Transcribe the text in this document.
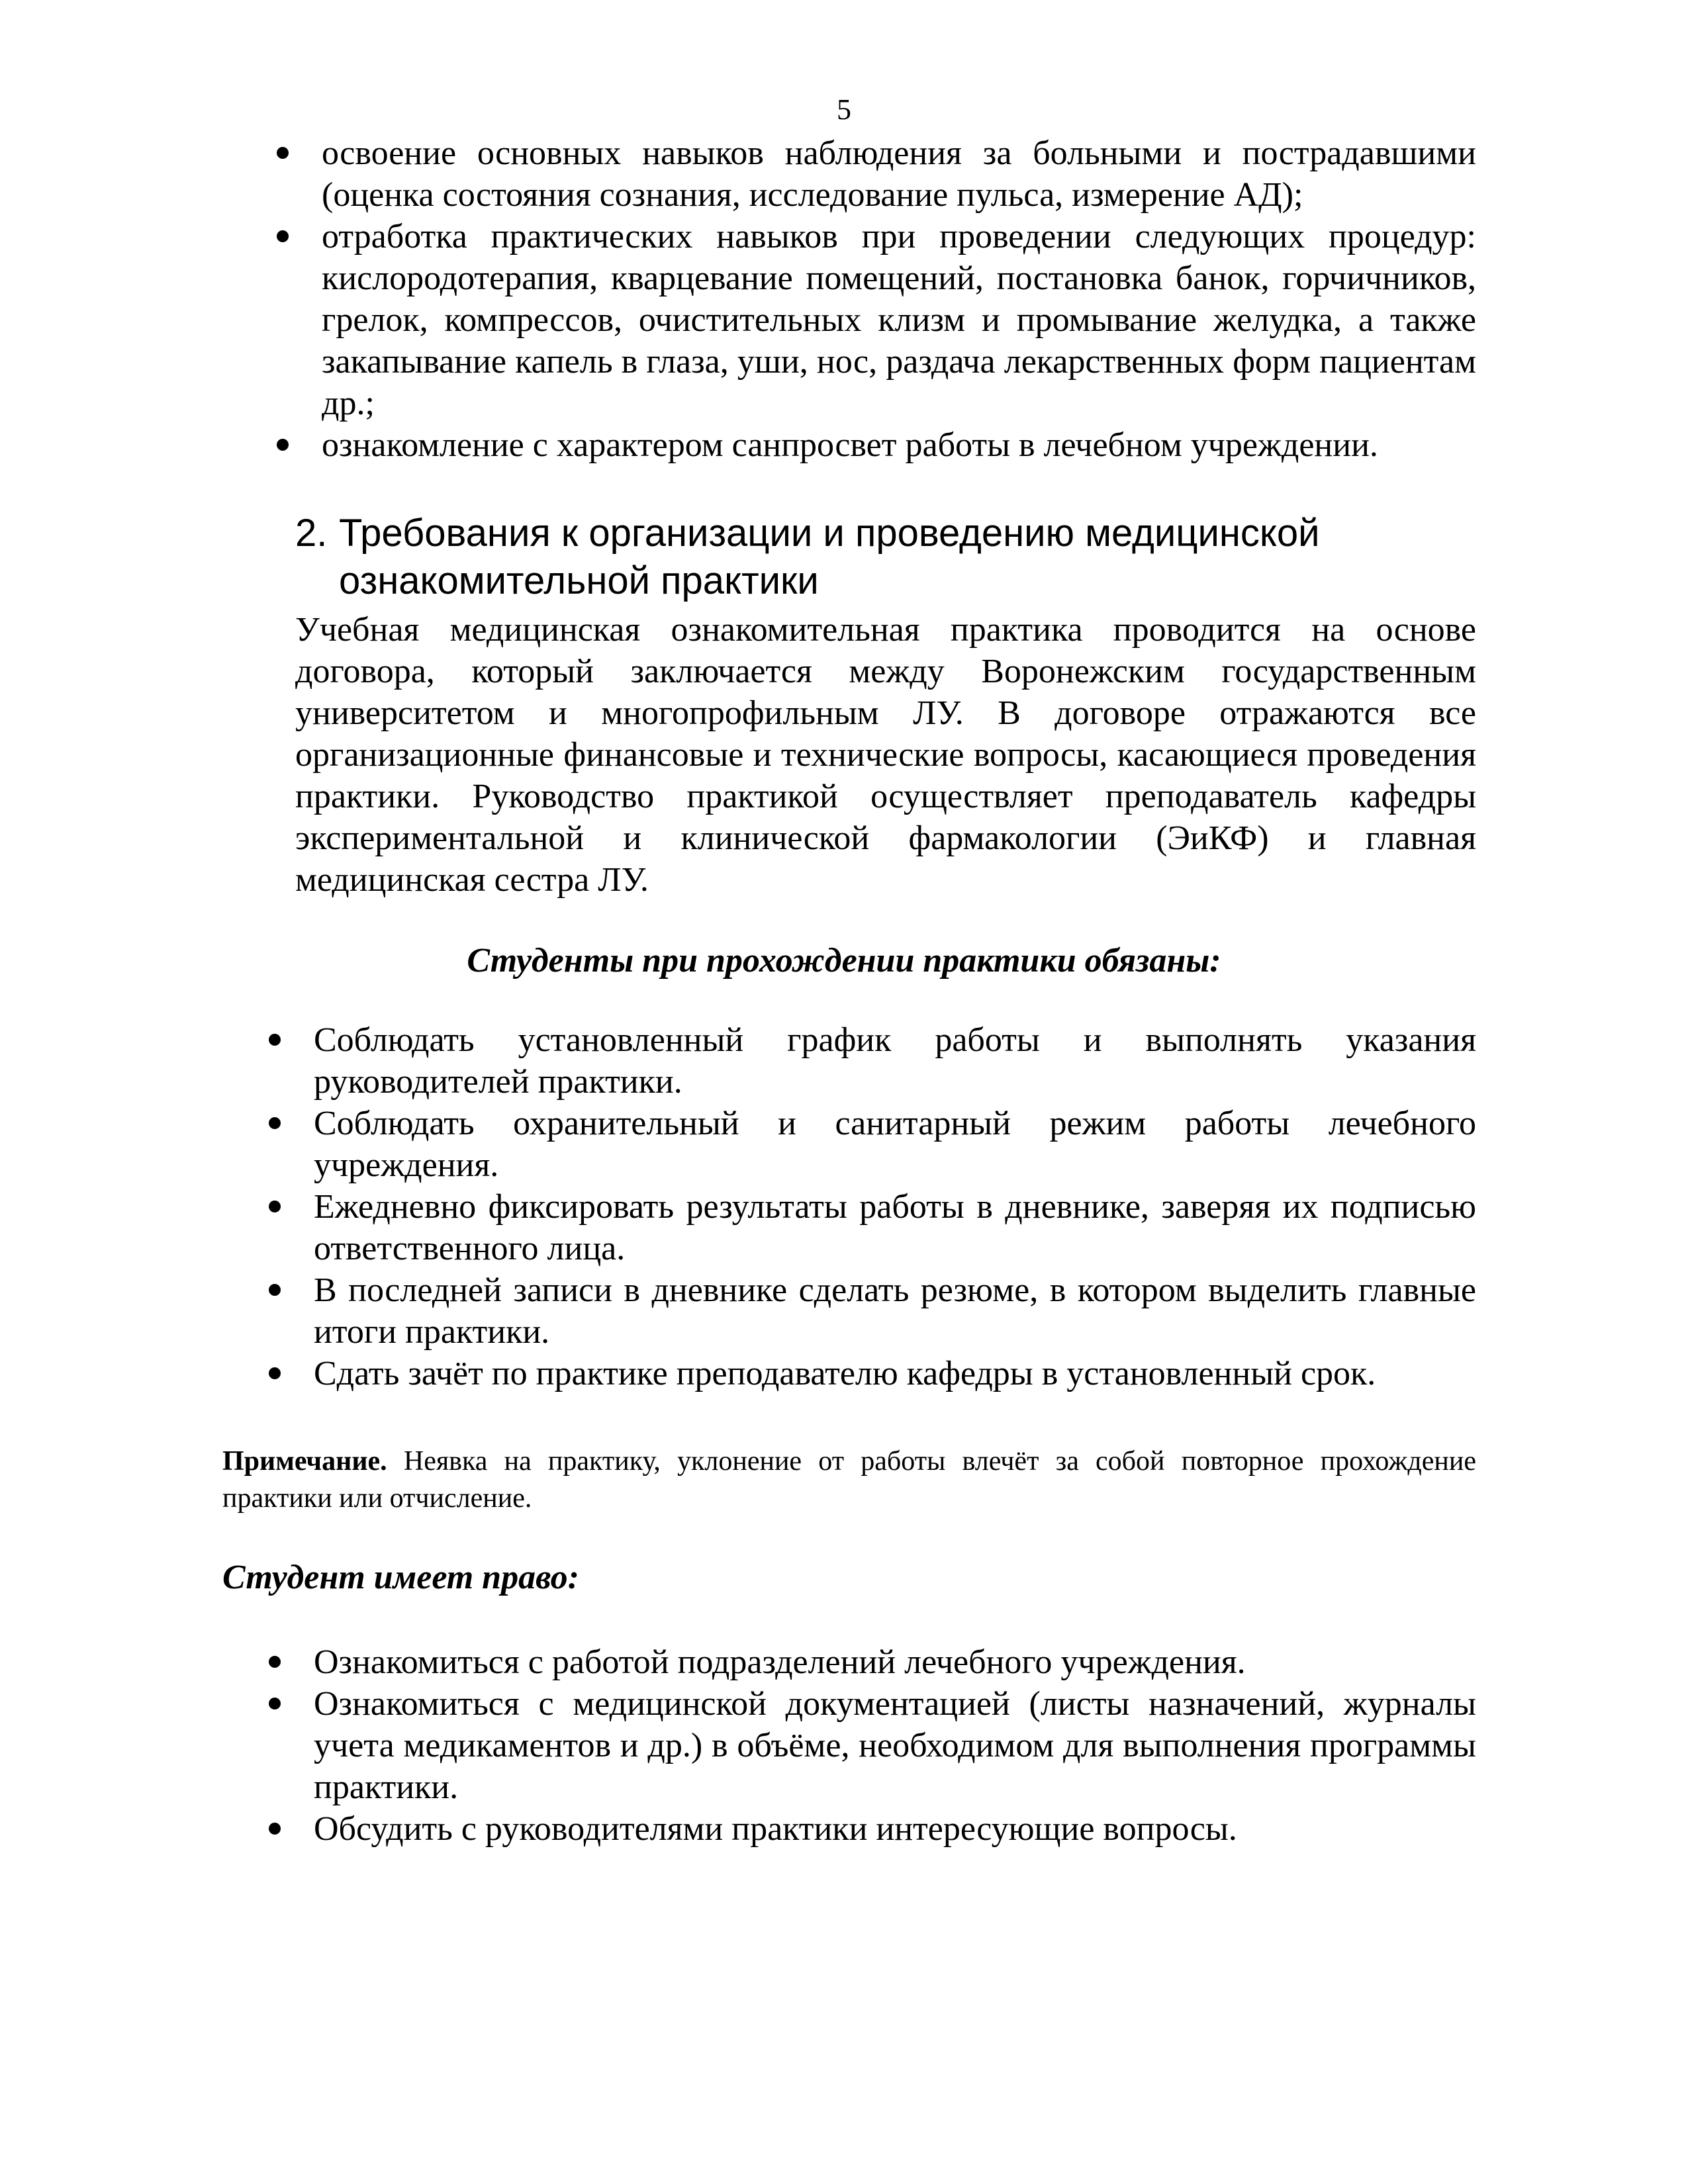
5
освоение основных навыков наблюдения за больными и пострадавшими (оценка состояния сознания, исследование пульса, измерение АД);
отработка практических навыков при проведении следующих процедур: кислородотерапия, кварцевание помещений, постановка банок, горчичников, грелок, компрессов, очистительных клизм и промывание желудка, а также закапывание капель в глаза, уши, нос, раздача лекарственных форм пациентам др.;
ознакомление с характером санпросвет работы в лечебном учреждении.
2. Требования к организации и проведению медицинской ознакомительной практики
Учебная медицинская ознакомительная практика проводится на основе договора, который заключается между Воронежским государственным университетом и многопрофильным ЛУ. В договоре отражаются все организационные финансовые и технические вопросы, касающиеся проведения практики. Руководство практикой осуществляет преподаватель кафедры экспериментальной и клинической фармакологии (ЭиКФ) и главная медицинская сестра ЛУ.
Студенты при прохождении практики обязаны:
Соблюдать установленный график работы и выполнять указания руководителей практики.
Соблюдать охранительный и санитарный режим работы лечебного учреждения.
Ежедневно фиксировать результаты работы в дневнике, заверяя их подписью ответственного лица.
В последней записи в дневнике сделать резюме, в котором выделить главные итоги практики.
Сдать зачёт по практике преподавателю кафедры в установленный срок.
Примечание. Неявка на практику, уклонение от работы влечёт за собой повторное прохождение практики или отчисление.
Студент имеет право:
Ознакомиться с работой подразделений лечебного учреждения.
Ознакомиться с медицинской документацией (листы назначений, журналы учета медикаментов и др.) в объёме, необходимом для выполнения программы практики.
Обсудить с руководителями практики интересующие вопросы.
